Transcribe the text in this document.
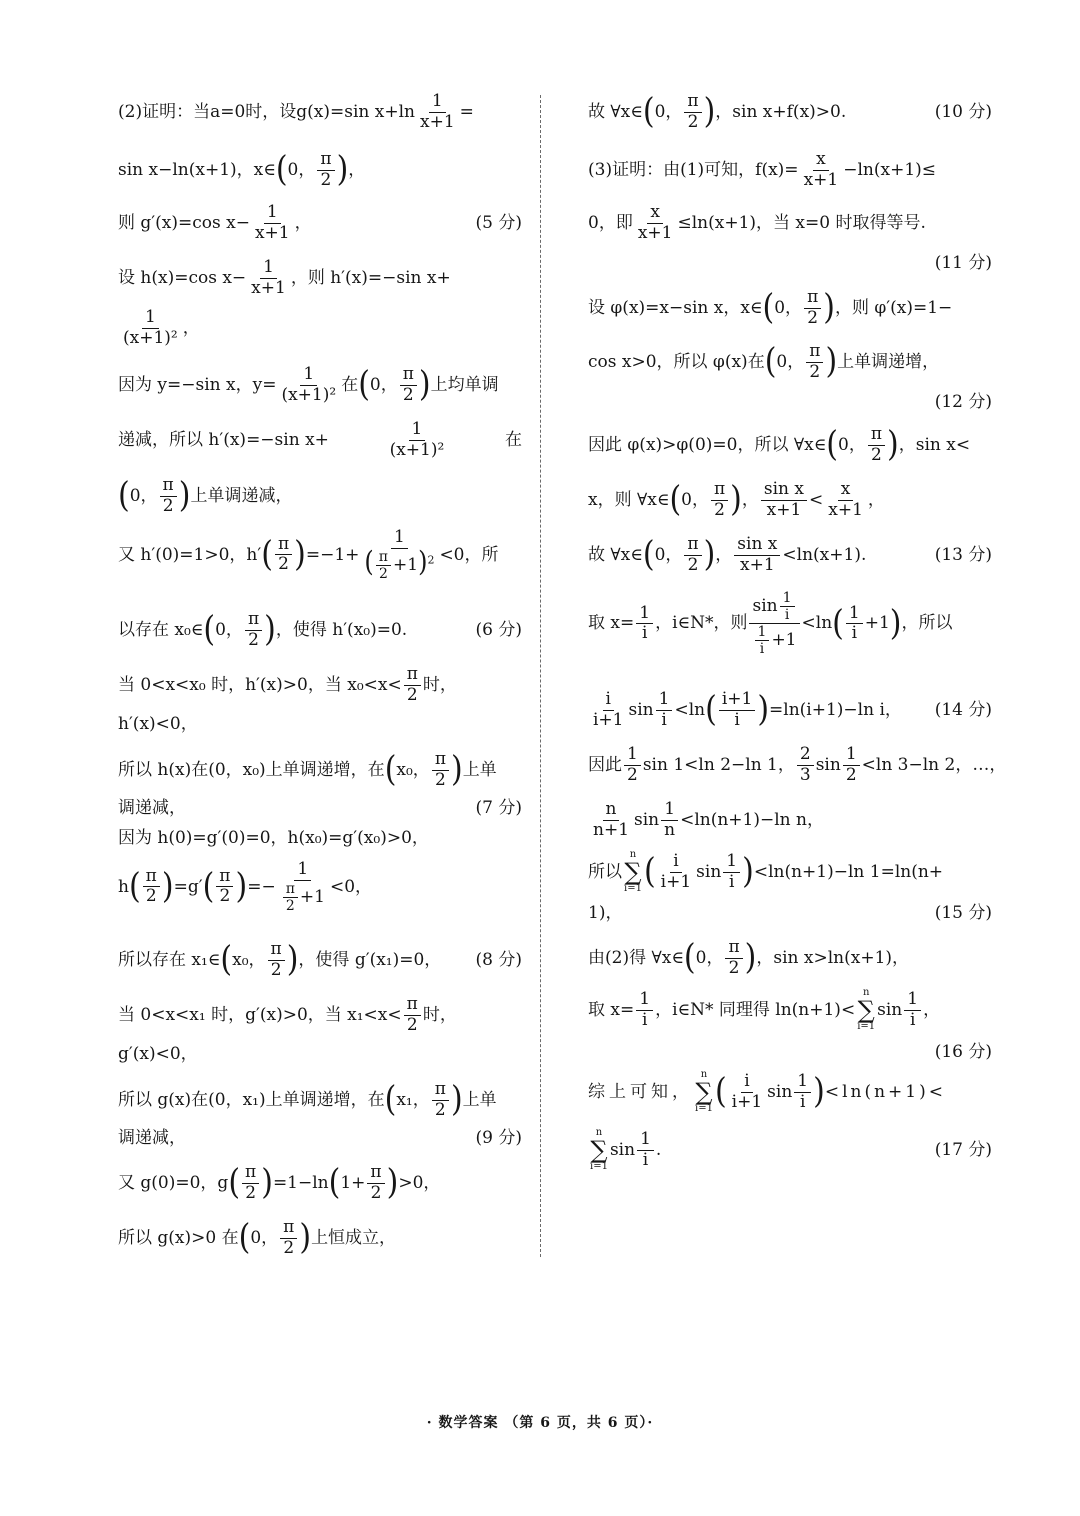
(2)证明：当a=0时，设g(x)=sin $x+\ln \frac{1}{x+1}$ =
sin x−ln(x+1)，x∈ ( 0， $\frac{\pi}{2}$ ) ，
则 g′(x)=cos $x- \frac{1}{x+1}$ ，	(5 分)
设 h(x)=cos $x- \frac{1}{x+1}$ ，则 h′(x)=−sin x+
$\frac{1}{\text{(x+1)²}}$ ，
因为 y=−sin x，$y= \frac{1}{\text{(x+1)²}}$ 在 ( 0， $\frac{\pi}{2}$ ) 上均单调
递减，所以 h′(x)=−sin x+	$\frac{1}{\text{(x+1)²}}$	在
( 0， $\frac{\pi}{2}$ ) 上单调递减，
又 h′(0)=1>0，h′ ( $\frac{\pi}{2}$ ) $=-1+ \frac{1}{( \frac{\pi}{2} +1)^2} <0$，所
以存在 x₀∈ ( 0， $\frac{\pi}{2}$ ) ，使得 h′(x₀)=0.	(6 分)
当 0<x<x₀ 时，h′(x)>0，当 $x_0<x< \frac{\pi}{2}$ 时，
h′(x)<0，
所以 h(x)在(0，x₀)上单调递增，在 ( x₀， $\frac{\pi}{2}$ ) 上单
调递减，	(7 分)
因为 h(0)=g′(0)=0，h(x₀)=g′(x₀)>0，
h ( $\frac{\pi}{2}$ ) =g′ ( $\frac{\pi}{2}$ ) =− $\frac{1}{\frac{\pi}{2} +1} <0$，
所以存在 x₁∈ ( x₀， $\frac{\pi}{2}$ ) ，使得 g′(x₁)=0，	(8 分)
当 0<x<x₁ 时，g′(x)>0，当 $x_1<x< \frac{\pi}{2}$ 时，
g′(x)<0，
所以 g(x)在(0，x₁)上单调递增，在 ( x₁， $\frac{\pi}{2}$ ) 上单
调递减，	(9 分)
又 g(0)=0，g ( $\frac{\pi}{2}$ ) =1−ln ( $1+ \frac{\pi}{2}$ ) >0，
所以 g(x)>0 在 ( 0， $\frac{\pi}{2}$ ) 上恒成立，
故 ∀x∈ ( 0， $\frac{\pi}{2}$ ) ，sin x+f(x)>0.	(10 分)
(3)证明：由(1)可知，$f(x)= \frac{x}{x+1} -\ln(x+1)\le$
0，即 $\frac{x}{x+1} \le\ln(x+1)$，当 x=0 时取得等号.
(11 分)
设 φ(x)=x−sin x，x∈ ( 0， $\frac{\pi}{2}$ ) ，则 φ′(x)=1−
cos x>0，所以 φ(x)在 ( 0， $\frac{\pi}{2}$ ) 上单调递增，
(12 分)
因此 φ(x)>φ(0)=0，所以 ∀x∈ ( 0， $\frac{\pi}{2}$ ) ，sin x<
x，则 ∀x∈ ( 0， $\frac{\pi}{2}$ ) ， $\frac{\text{sin x}}{x+1} < \frac{x}{x+1}$ ，
故 ∀x∈ ( 0， $\frac{\pi}{2}$ ) ， $\frac{\text{sin x}}{x+1} <\ln(x+1)$.	(13 分)
取 $x= \frac{1}{i}$ ，i∈N*，则 $\frac{\sin \frac{1}{i}}{\frac{1}{i} +1} <\ln$ ( $\frac{1}{i} +1$ ) ，所以
$\frac{i}{i+1}$ $\sin \frac{1}{i} <\ln$ ( $\frac{i+1}{i}$ ) =ln(i+1)−ln i，	(14 分)
因此 $\frac{1}{2}$ sin 1<ln 2−ln 1， $\frac{2}{3}$ $\sin \frac{1}{2} <\ln$ 3−ln 2，…，
$\frac{n}{n+1}$ $\sin \frac{1}{n} <\ln(n+1)-\ln$ n，
所以
n
∑
i=1 ( $\frac{i}{i+1}$ $\sin \frac{1}{i}$ ) <ln(n+1)−ln 1=ln(n+
1)，	(15 分)
由(2)得 ∀x∈ ( 0， $\frac{\pi}{2}$ ) ，sin x>ln(x+1)，
取 $x= \frac{1}{i}$ ，i∈N* 同理得 ln(n+1)<
n
∑
i=1
$\sin \frac{1}{i}$ ，
(16 分)
综上可知，
n
∑
i=1 ( $\frac{i}{i+1}$ $\sin \frac{1}{i}$ ) <ln(n+1)<
n
∑
i=1
$\sin \frac{1}{i}$ .	(17 分)
· 数学答案 （第 6 页，共 6 页）·
